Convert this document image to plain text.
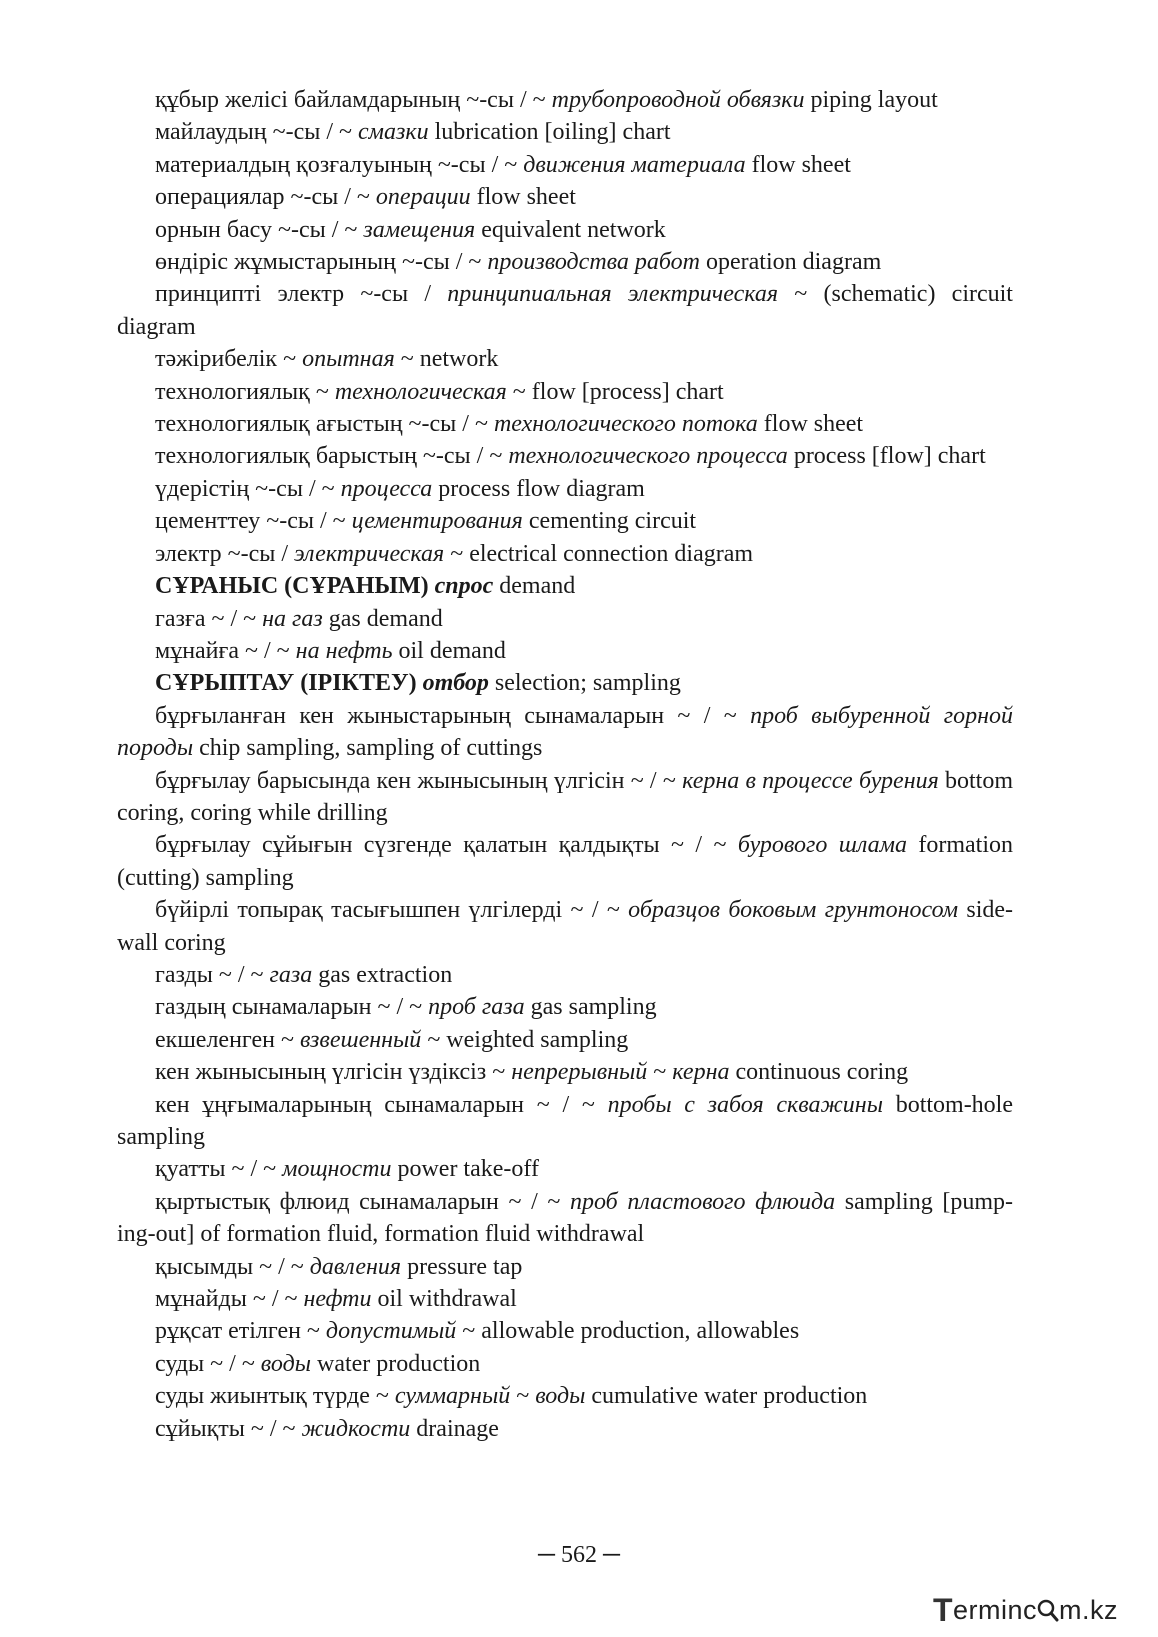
құбыр желісі байламдарының ~-сы / ~ трубопроводной обвязки piping layout

майлаудың ~-сы / ~ смазки lubrication [oiling] chart

материалдың қозғалуының ~-сы / ~ движения материала flow sheet

операциялар ~-сы / ~ операции flow sheet

орнын басу ~-сы / ~ замещения equivalent network

өндіріс жұмыстарының ~-сы / ~ производства работ operation diagram

принципті электр ~-сы / принципиальная электрическая ~ (schematic) circuit diagram

тәжірибелік ~ опытная ~ network

технологиялық ~ технологическая ~ flow [process] chart

технологиялық ағыстың ~-сы / ~ технологического потока flow sheet

технологиялық барыстың ~-сы / ~ технологического процесса process [flow] chart

үдерістің ~-сы / ~ процесса process flow diagram

цементтеу ~-сы / ~ цементирования cementing circuit

электр ~-сы / электрическая ~ electrical connection diagram

СҰРАНЫС (СҰРАНЫМ) спрос demand

газға ~ / ~ на газ gas demand

мұнайға ~ / ~ на нефть oil demand

СҰРЫПТАУ (ІРІКТЕУ) отбор selection; sampling

бұрғыланған кен жыныстарының сынамаларын ~ / ~ проб выбуренной горной породы chip sampling, sampling of cuttings

бұрғылау барысында кен жынысының үлгісін ~ / ~ керна в процессе бурения bottom coring, coring while drilling

бұрғылау сұйығын сүзгенде қалатын қалдықты ~ / ~ бурового шлама formation (cutting) sampling

бүйірлі топырақ тасығышпен үлгілерді ~ / ~ образцов боковым грунтоносом side-wall coring

газды ~ / ~ газа gas extraction

газдың сынамаларын ~ / ~ проб газа gas sampling

екшеленген ~ взвешенный ~ weighted sampling

кен жынысының үлгісін үздіксіз ~ непрерывный ~ керна continuous coring

кен ұңғымаларының сынамаларын ~ / ~ пробы с забоя скважины bottom-hole sampling

қуатты ~ / ~ мощности power take-off

қыртыстық флюид сынамаларын ~ / ~ проб пластового флюида sampling [pump-ing-out] of formation fluid, formation fluid withdrawal

қысымды ~ / ~ давления pressure tap

мұнайды ~ / ~ нефти oil withdrawal

рұқсат етілген ~ допустимый ~ allowable production, allowables

суды ~ / ~ воды water production

суды жиынтық түрде ~ суммарный ~ воды cumulative water production

сұйықты ~ / ~ жидкости drainage

─ 562 ─
T ermin c m.kz
